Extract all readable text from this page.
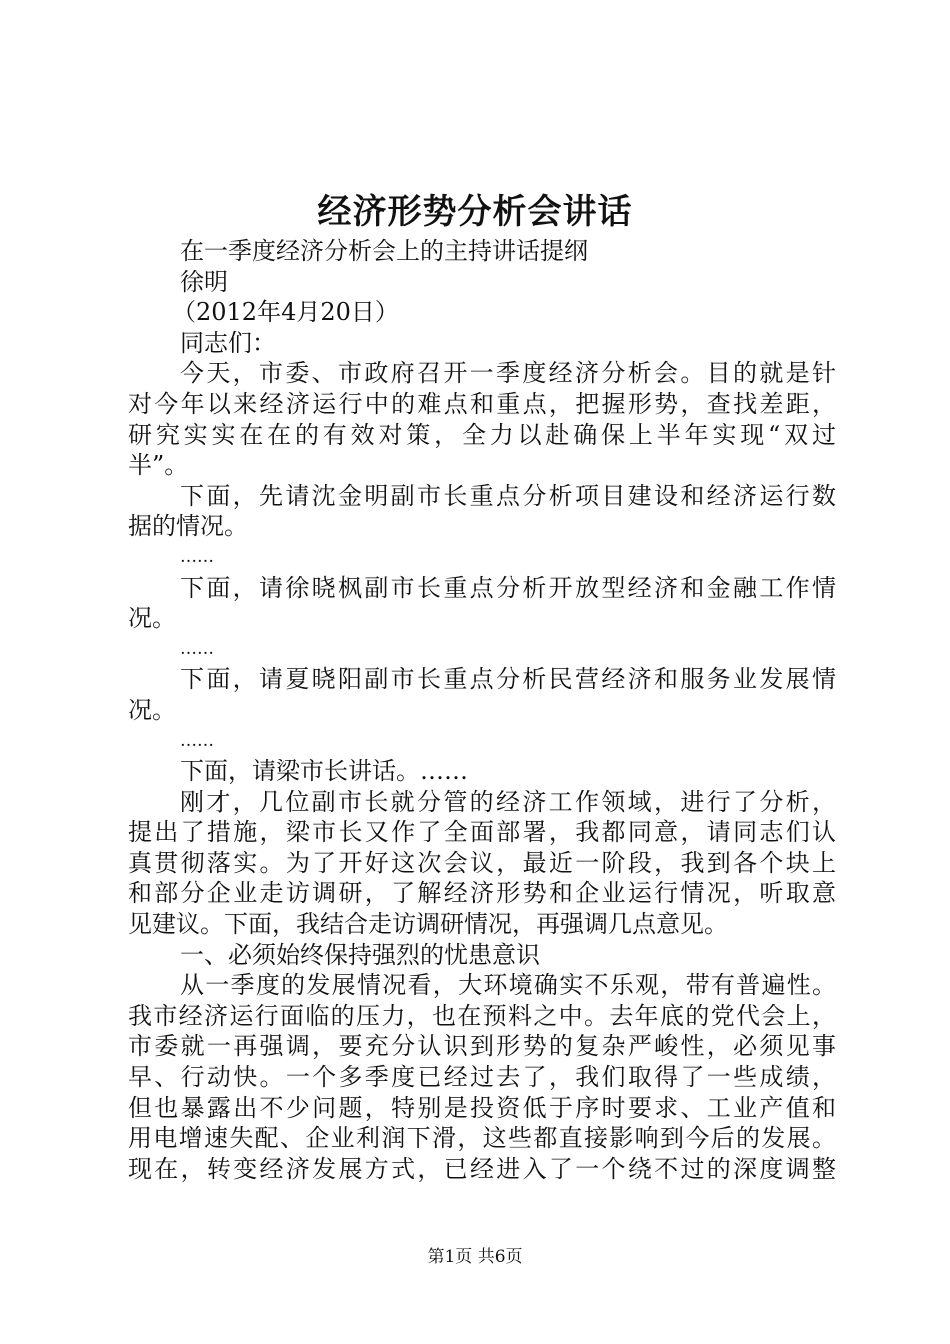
经济形势分析会讲话
在一季度经济分析会上的主持讲话提纲
徐明
（2012年4月20日）
同志们：
今天，市委、市政府召开一季度经济分析会。目的就是针
对今年以来经济运行中的难点和重点，把握形势，查找差距，
研究实实在在的有效对策，全力以赴确保上半年实现“双过
半”。
下面，先请沈金明副市长重点分析项目建设和经济运行数
据的情况。
……
下面，请徐晓枫副市长重点分析开放型经济和金融工作情
况。
……
下面，请夏晓阳副市长重点分析民营经济和服务业发展情
况。
……
下面，请梁市长讲话。……
刚才，几位副市长就分管的经济工作领域，进行了分析，
提出了措施，梁市长又作了全面部署，我都同意，请同志们认
真贯彻落实。为了开好这次会议，最近一阶段，我到各个块上
和部分企业走访调研，了解经济形势和企业运行情况，听取意
见建议。下面，我结合走访调研情况，再强调几点意见。
一、必须始终保持强烈的忧患意识
从一季度的发展情况看，大环境确实不乐观，带有普遍性。
我市经济运行面临的压力，也在预料之中。去年底的党代会上，
市委就一再强调，要充分认识到形势的复杂严峻性，必须见事
早、行动快。一个多季度已经过去了，我们取得了一些成绩，
但也暴露出不少问题，特别是投资低于序时要求、工业产值和
用电增速失配、企业利润下滑，这些都直接影响到今后的发展。
现在，转变经济发展方式，已经进入了一个绕不过的深度调整
第1页 共6页
